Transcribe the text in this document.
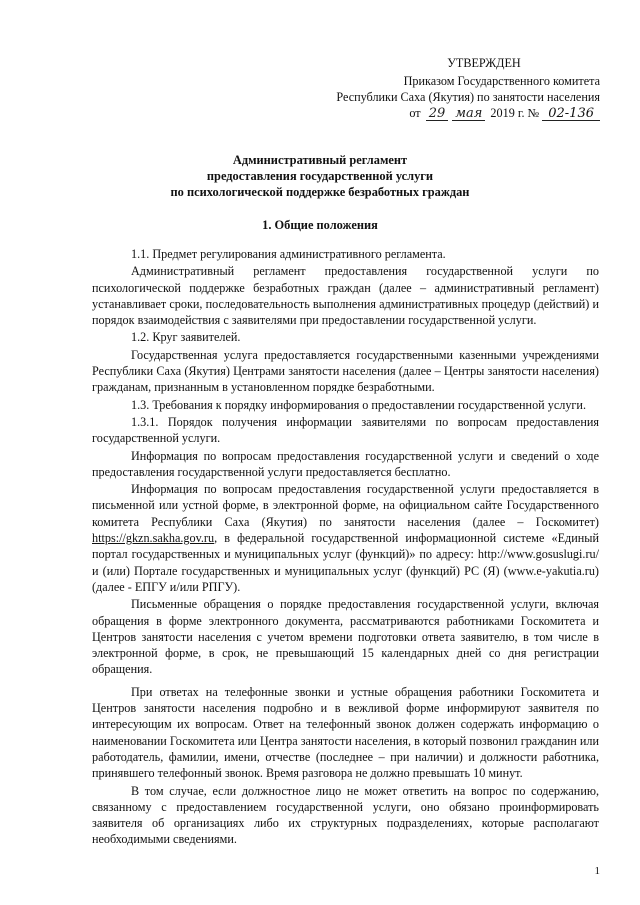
УТВЕРЖДЕН
Приказом Государственного комитета
Республики Саха (Якутия) по занятости населения
от
29 мая
2019 г. №
02-136
Административный регламент
предоставления государственной услуги
по психологической поддержке безработных граждан
1. Общие положения

1.1. Предмет регулирования административного регламента.

Административный регламент предоставления государственной услуги по психологической поддержке безработных граждан (далее – административный регламент) устанавливает сроки, последовательность выполнения административных процедур (действий) и порядок взаимодействия с заявителями при предоставлении государственной услуги.

1.2. Круг заявителей.

Государственная услуга предоставляется государственными казенными учреждениями Республики Саха (Якутия) Центрами занятости населения (далее – Центры занятости населения) гражданам, признанным в установленном порядке безработными.

1.3. Требования к порядку информирования о предоставлении государственной услуги.

1.3.1. Порядок получения информации заявителями по вопросам предоставления государственной услуги.

Информация по вопросам предоставления государственной услуги и сведений о ходе предоставления государственной услуги предоставляется бесплатно.

Информация по вопросам предоставления государственной услуги предоставляется в письменной или устной форме, в электронной форме, на официальном сайте Государственного комитета Республики Саха (Якутия) по занятости населения (далее – Госкомитет) https://gkzn.sakha.gov.ru, в федеральной государственной информационной системе «Единый портал государственных и муниципальных услуг (функций)» по адресу: http://www.gosuslugi.ru/ и (или) Портале государственных и муниципальных услуг (функций) РС (Я) (www.e-yakutia.ru) (далее - ЕПГУ и/или РПГУ).

Письменные обращения о порядке предоставления государственной услуги, включая обращения в форме электронного документа, рассматриваются работниками Госкомитета и Центров занятости населения с учетом времени подготовки ответа заявителю, в том числе в электронной форме, в срок, не превышающий 15 календарных дней со дня регистрации обращения.

При ответах на телефонные звонки и устные обращения работники Госкомитета и Центров занятости населения подробно и в вежливой форме информируют заявителя по интересующим их вопросам. Ответ на телефонный звонок должен содержать информацию о наименовании Госкомитета или Центра занятости населения, в который позвонил гражданин или работодатель, фамилии, имени, отчестве (последнее – при наличии) и должности работника, принявшего телефонный звонок. Время разговора не должно превышать 10 минут.

В том случае, если должностное лицо не может ответить на вопрос по содержанию, связанному с предоставлением государственной услуги, оно обязано проинформировать заявителя об организациях либо их структурных подразделениях, которые располагают необходимыми сведениями.

1
